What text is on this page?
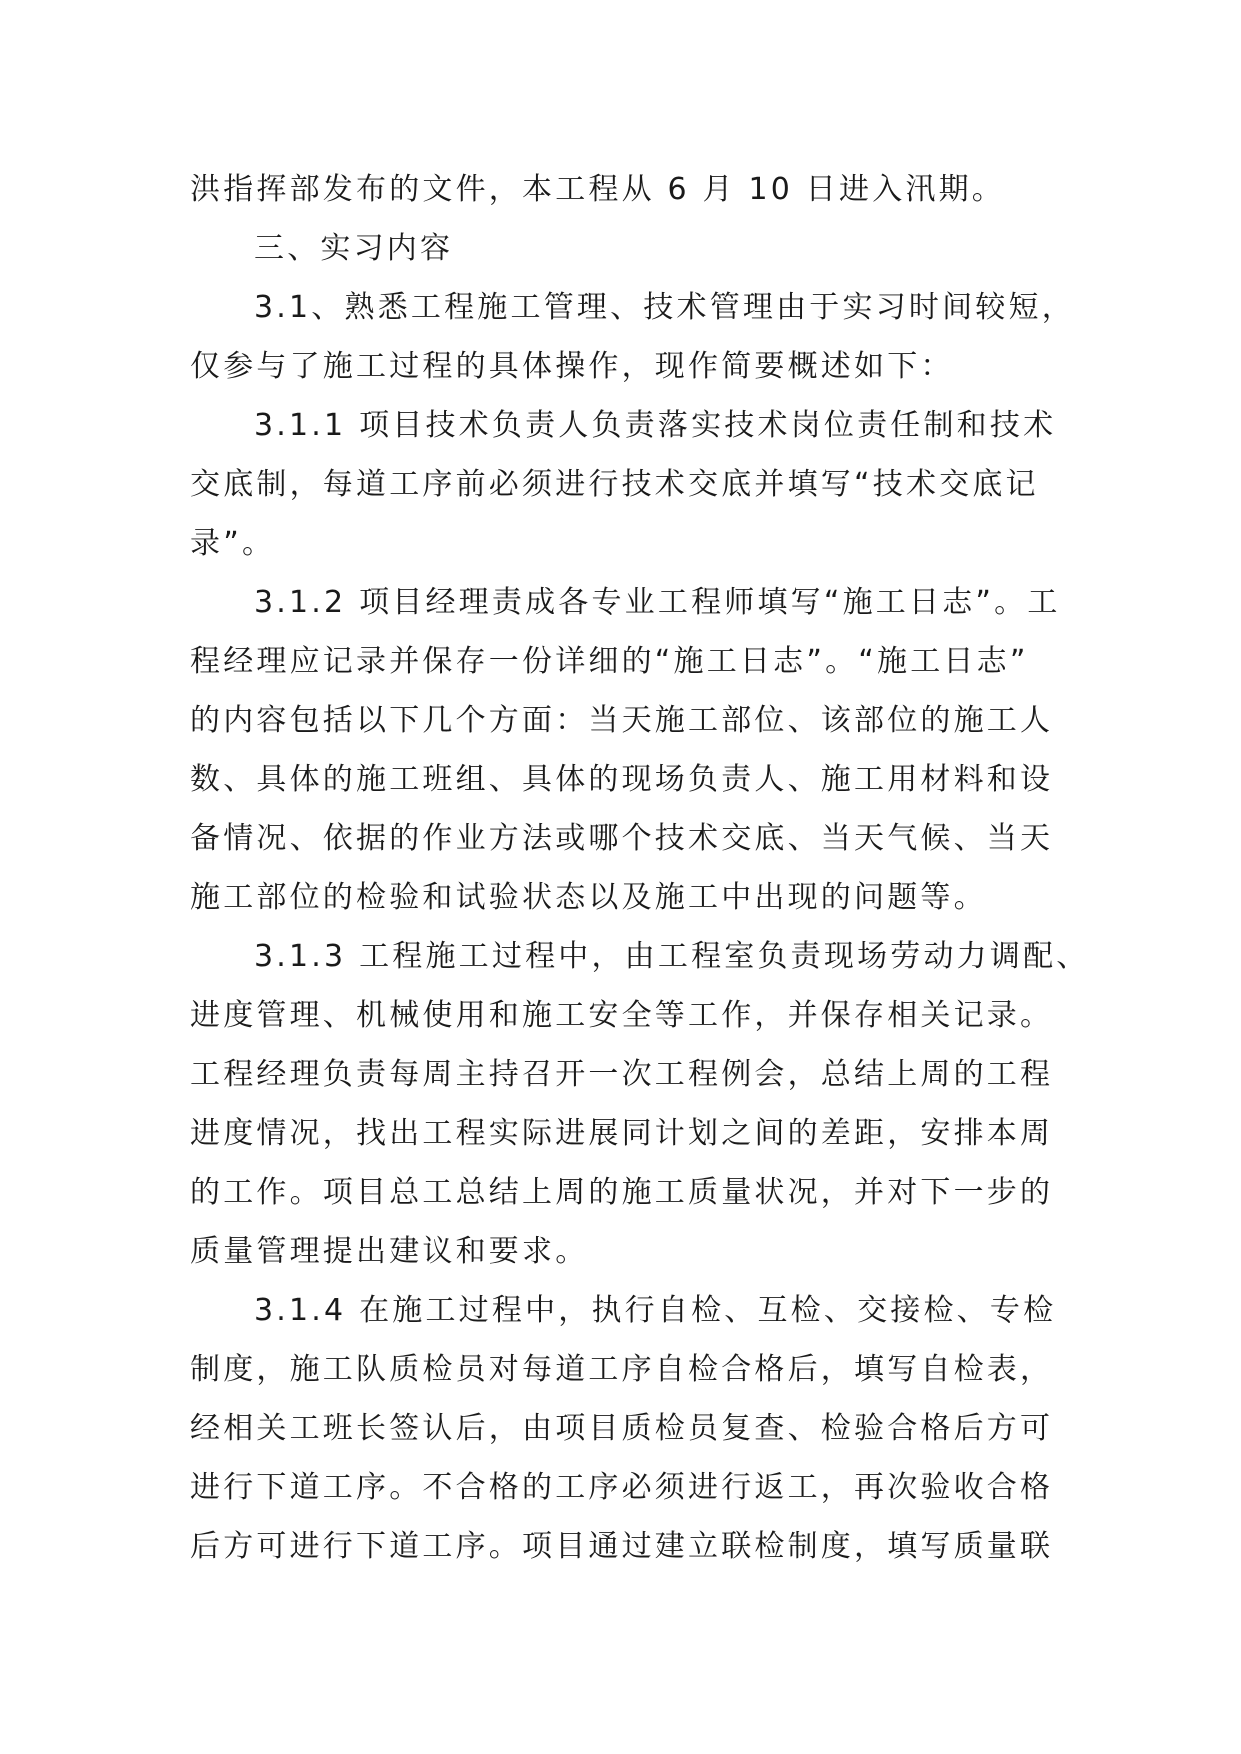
洪指挥部发布的文件，本工程从 6 月 10 日进入汛期。
三、实习内容
3.1、熟悉工程施工管理、技术管理由于实习时间较短，
仅参与了施工过程的具体操作，现作简要概述如下：
3.1.1 项目技术负责人负责落实技术岗位责任制和技术
交底制，每道工序前必须进行技术交底并填写“技术交底记
录”。
3.1.2 项目经理责成各专业工程师填写“施工日志”。工
程经理应记录并保存一份详细的“施工日志”。“施工日志”
的内容包括以下几个方面：当天施工部位、该部位的施工人
数、具体的施工班组、具体的现场负责人、施工用材料和设
备情况、依据的作业方法或哪个技术交底、当天气候、当天
施工部位的检验和试验状态以及施工中出现的问题等。
3.1.3 工程施工过程中，由工程室负责现场劳动力调配、
进度管理、机械使用和施工安全等工作，并保存相关记录。
工程经理负责每周主持召开一次工程例会，总结上周的工程
进度情况，找出工程实际进展同计划之间的差距，安排本周
的工作。项目总工总结上周的施工质量状况，并对下一步的
质量管理提出建议和要求。
3.1.4 在施工过程中，执行自检、互检、交接检、专检
制度，施工队质检员对每道工序自检合格后，填写自检表，
经相关工班长签认后，由项目质检员复查、检验合格后方可
进行下道工序。不合格的工序必须进行返工，再次验收合格
后方可进行下道工序。项目通过建立联检制度，填写质量联
